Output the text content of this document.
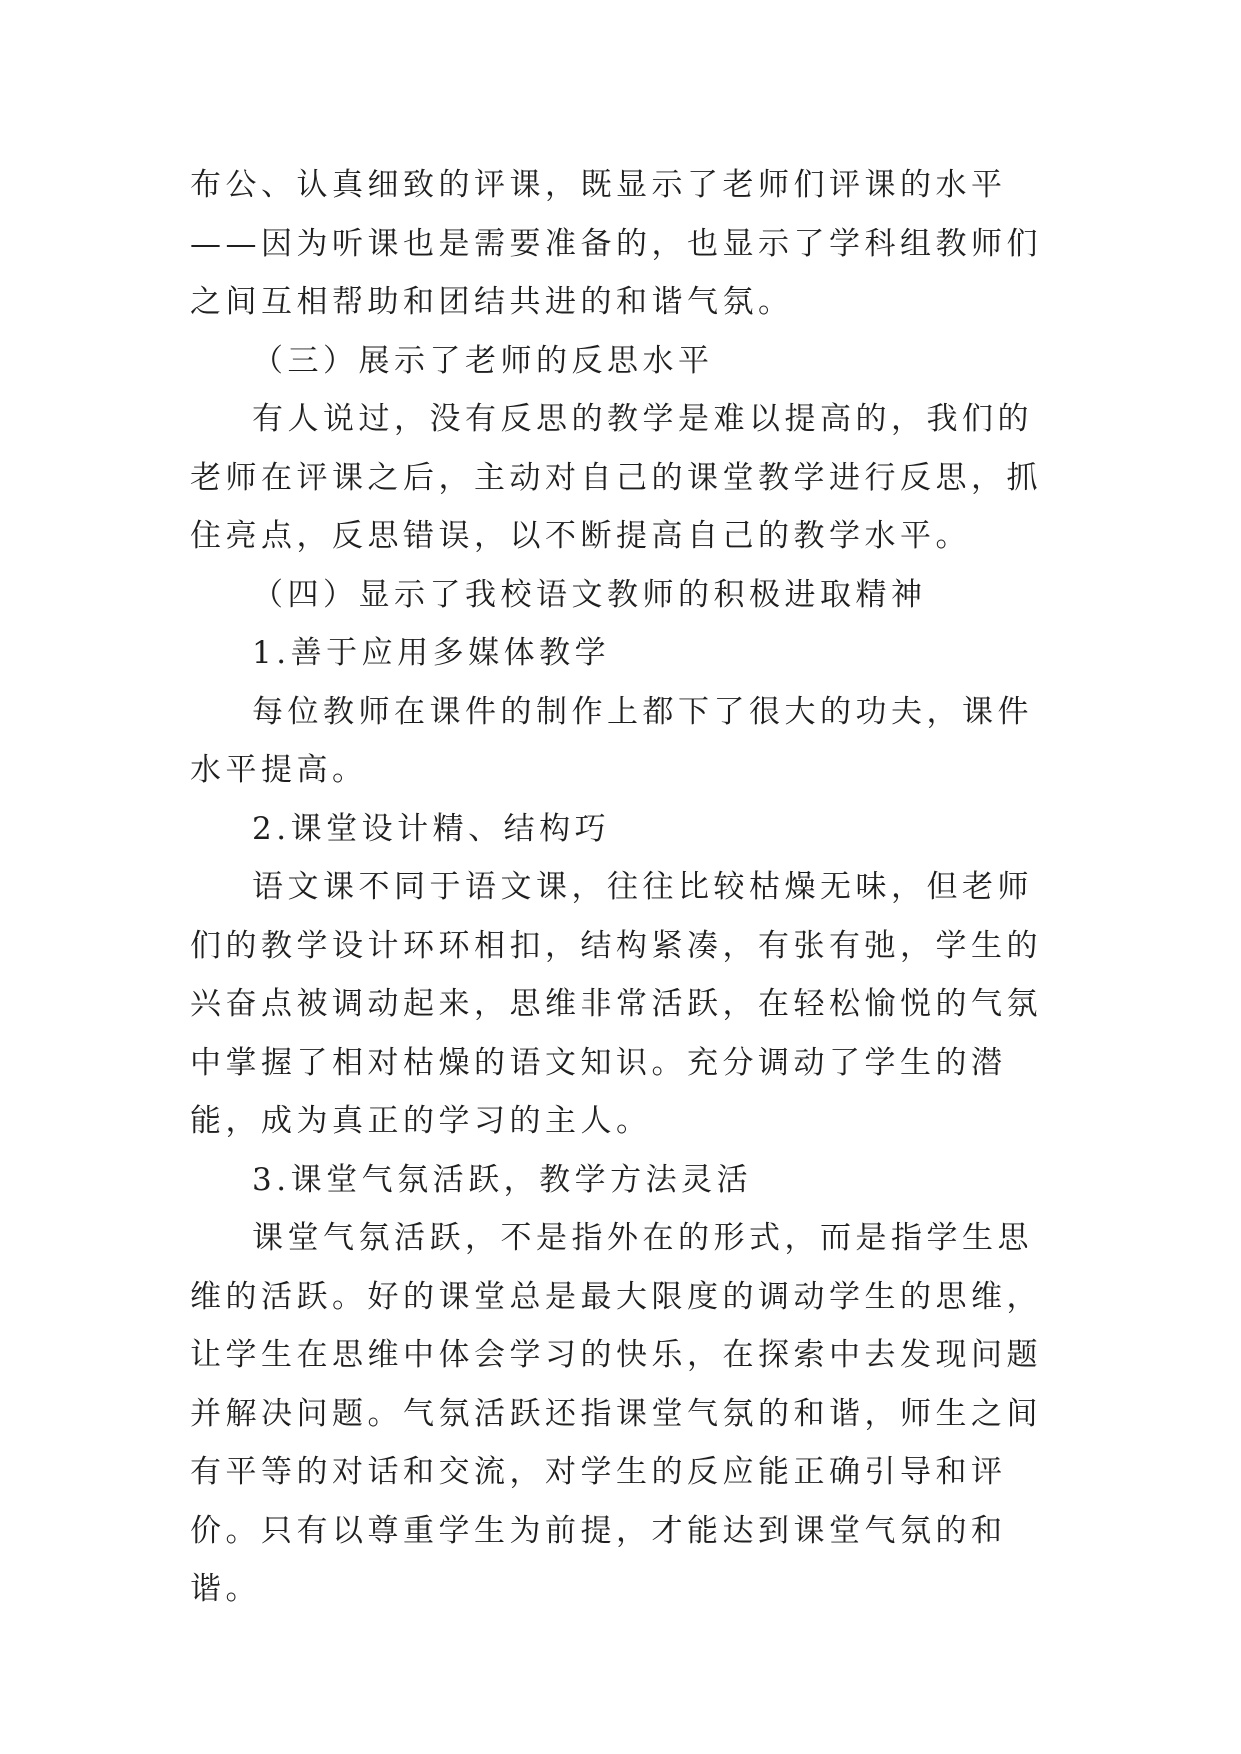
布公、认真细致的评课，既显示了老师们评课的水平——因为听课也是需要准备的，也显示了学科组教师们之间互相帮助和团结共进的和谐气氛。

（三）展示了老师的反思水平

有人说过，没有反思的教学是难以提高的，我们的老师在评课之后，主动对自己的课堂教学进行反思，抓住亮点，反思错误，以不断提高自己的教学水平。

（四）显示了我校语文教师的积极进取精神

1.善于应用多媒体教学

每位教师在课件的制作上都下了很大的功夫，课件水平提高。

2.课堂设计精、结构巧

语文课不同于语文课，往往比较枯燥无味，但老师们的教学设计环环相扣，结构紧凑，有张有弛，学生的兴奋点被调动起来，思维非常活跃，在轻松愉悦的气氛中掌握了相对枯燥的语文知识。充分调动了学生的潜能，成为真正的学习的主人。

3.课堂气氛活跃，教学方法灵活

课堂气氛活跃，不是指外在的形式，而是指学生思维的活跃。好的课堂总是最大限度的调动学生的思维，让学生在思维中体会学习的快乐，在探索中去发现问题并解决问题。气氛活跃还指课堂气氛的和谐，师生之间有平等的对话和交流，对学生的反应能正确引导和评价。只有以尊重学生为前提，才能达到课堂气氛的和谐。
